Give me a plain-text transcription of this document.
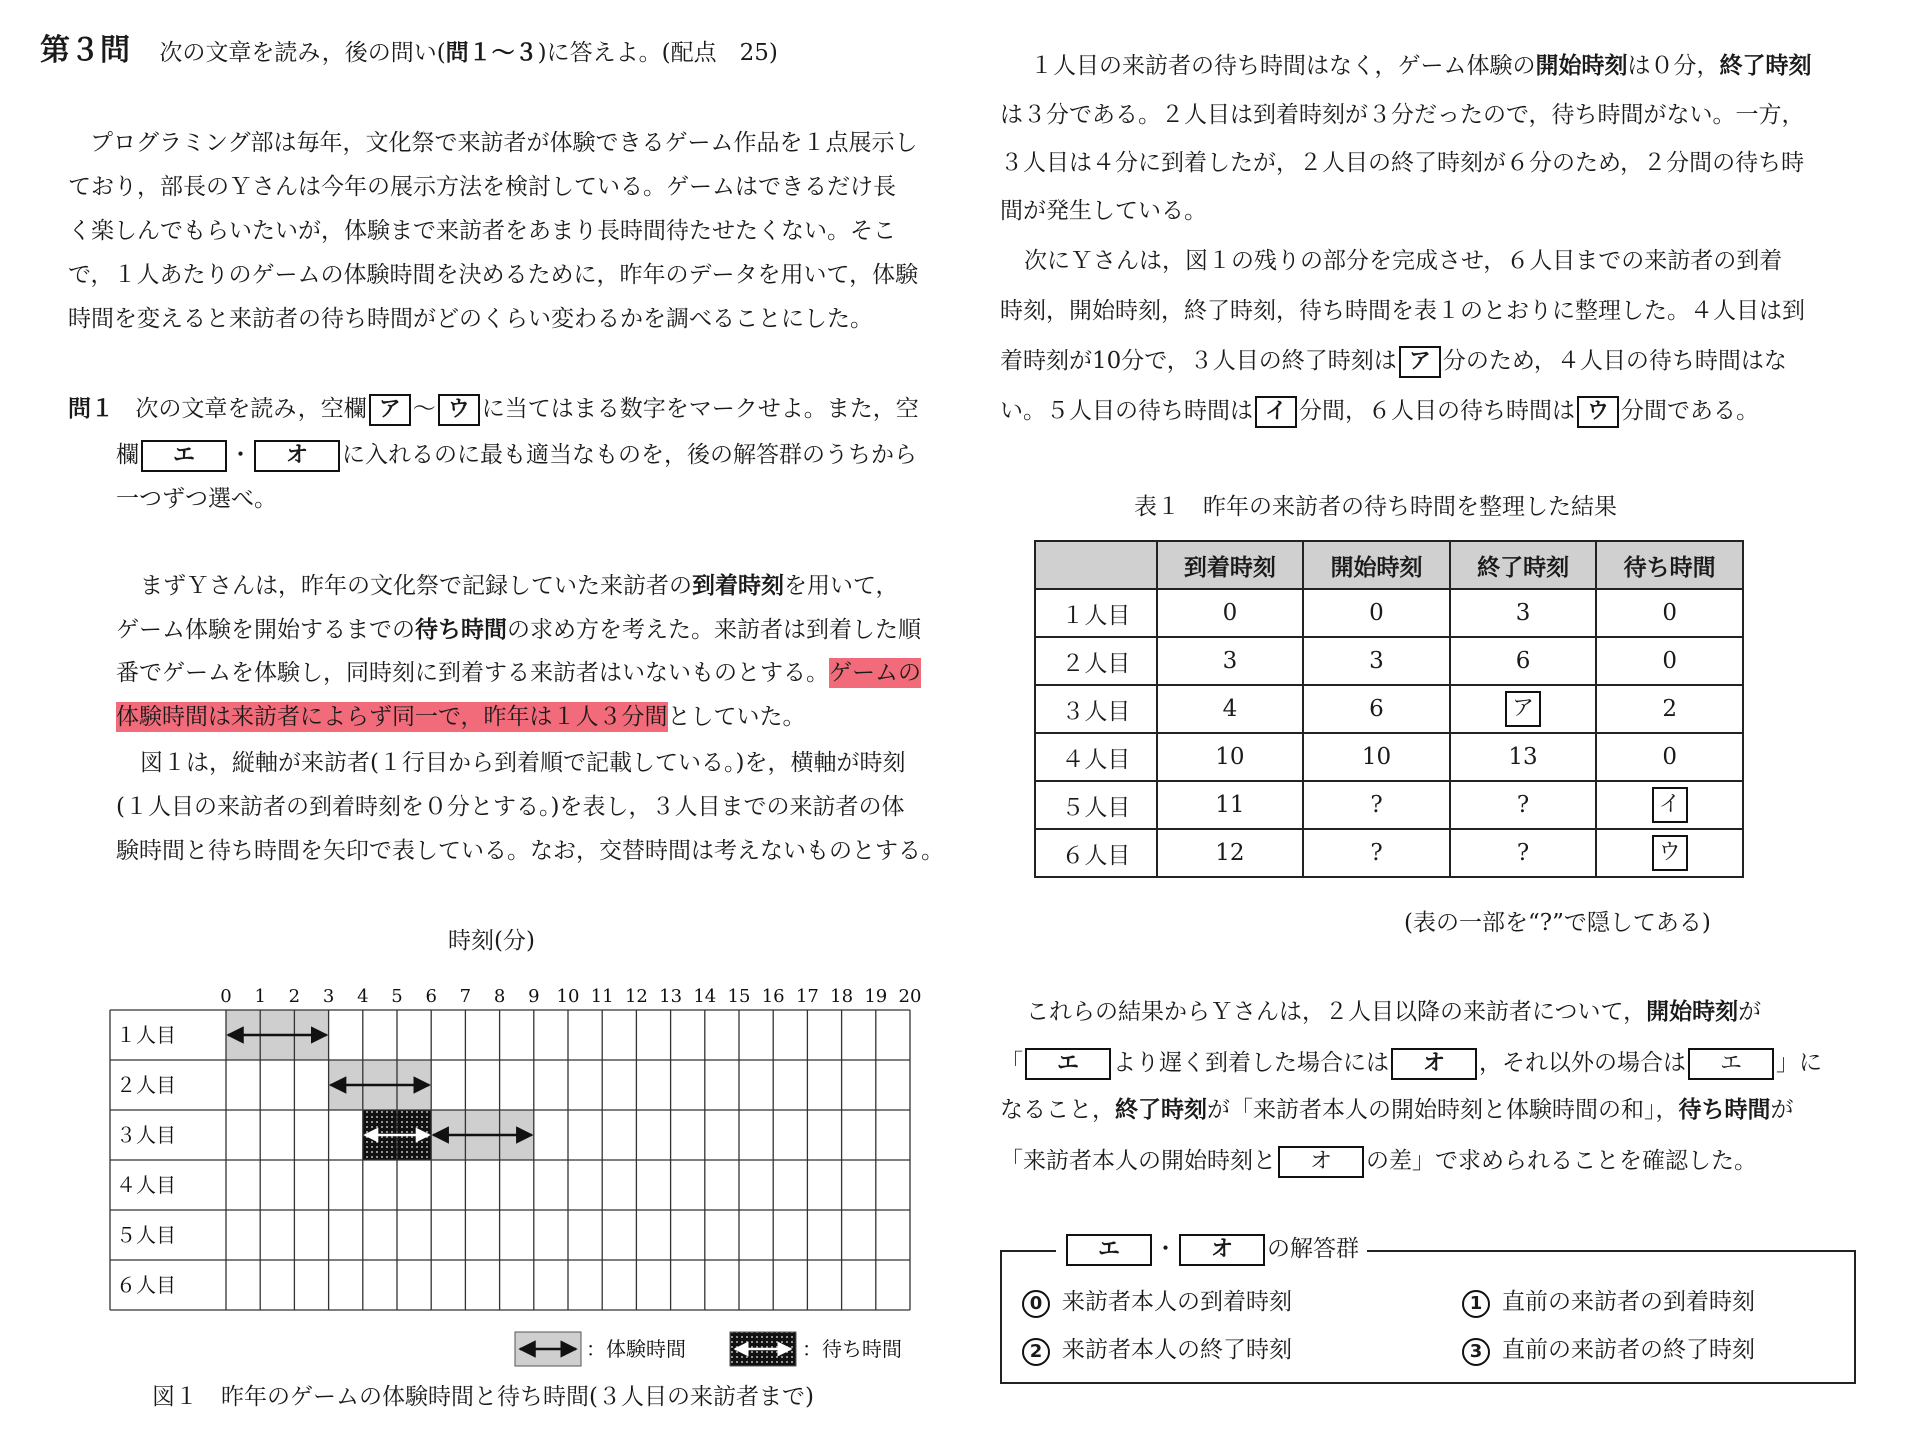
第３問 次の文章を読み，後の問い(問１～３)に答えよ。(配点　25)
プログラミング部は毎年，文化祭で来訪者が体験できるゲーム作品を１点展示し
ており，部長のＹさんは今年の展示方法を検討している。ゲームはできるだけ長
く楽しんでもらいたいが，体験まで来訪者をあまり長時間待たせたくない。そこ
で，１人あたりのゲームの体験時間を決めるために，昨年のデータを用いて，体験
時間を変えると来訪者の待ち時間がどのくらい変わるかを調べることにした。
問１ 次の文章を読み，空欄 ア ～ ウ に当てはまる数字をマークせよ。また，空
欄 エ ・ オ に入れるのに最も適当なものを，後の解答群のうちから
一つずつ選べ。
まずＹさんは，昨年の文化祭で記録していた来訪者の到着時刻を用いて，
ゲーム体験を開始するまでの待ち時間の求め方を考えた。来訪者は到着した順
番でゲームを体験し，同時刻に到着する来訪者はいないものとする。ゲームの
体験時間は来訪者によらず同一で，昨年は１人３分間としていた。
図１は，縦軸が来訪者(１行目から到着順で記載している。)を，横軸が時刻
(１人目の来訪者の到着時刻を０分とする。)を表し，３人目までの来訪者の体
験時間と待ち時間を矢印で表している。なお，交替時間は考えないものとする。
時刻(分)
0 1 2 3 4 5 6 7 8 9 10 11 12 13 14 15 16 17 18 19 20
１人目
２人目
３人目
４人目
５人目
６人目
：体験時間	：待ち時間
図１　昨年のゲームの体験時間と待ち時間(３人目の来訪者まで)
１人目の来訪者の待ち時間はなく，ゲーム体験の開始時刻は０分，終了時刻
は３分である。２人目は到着時刻が３分だったので，待ち時間がない。一方，
３人目は４分に到着したが，２人目の終了時刻が６分のため，２分間の待ち時
間が発生している。
次にＹさんは，図１の残りの部分を完成させ，６人目までの来訪者の到着
時刻，開始時刻，終了時刻，待ち時間を表１のとおりに整理した。４人目は到
着時刻が10分で，３人目の終了時刻は ア 分のため，４人目の待ち時間はな
い。５人目の待ち時間は イ 分間，６人目の待ち時間は ウ 分間である。
表１　昨年の来訪者の待ち時間を整理した結果
	到着時刻	開始時刻	終了時刻	待ち時間
１人目	0	0	3	0
２人目	3	3	6	0
３人目	4	6	ア	2
４人目	10	10	13	0
５人目	11	?	?	イ
６人目	12	?	?	ウ
(表の一部を“?”で隠してある)
これらの結果からＹさんは，２人目以降の来訪者について，開始時刻が
「 エ より遅く到着した場合には オ ，それ以外の場合は エ 」に
なること，終了時刻が「来訪者本人の開始時刻と体験時間の和」，待ち時間が
「来訪者本人の開始時刻と オ の差」で求められることを確認した。
エ ・ オ の解答群
0 来訪者本人の到着時刻	1 直前の来訪者の到着時刻
2 来訪者本人の終了時刻	3 直前の来訪者の終了時刻
